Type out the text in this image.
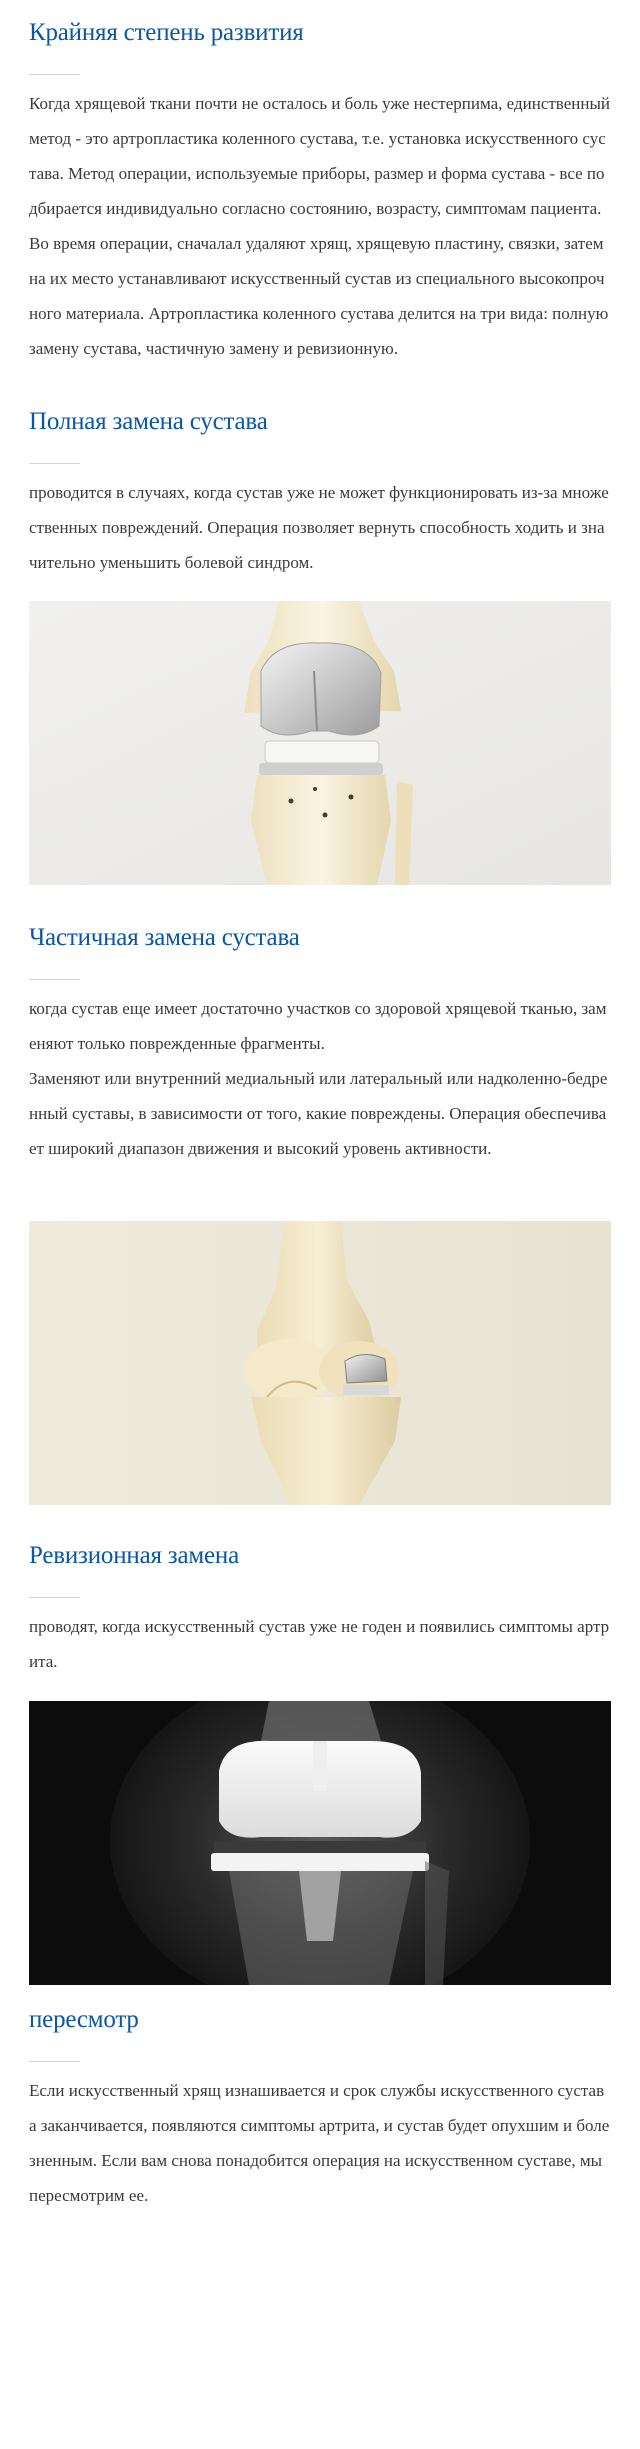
Крайняя степень развития

Когда хрящевой ткани почти не осталось и боль уже нестерпима, единственный метод - это артропластика коленного сустава, т.е. установка искусственного сустава. Метод операции, используемые приборы, размер и форма сустава - все подбирается индивидуально согласно состоянию, возрасту, симптомам пациента. Во время операции, сначалал удаляют хрящ, хрящевую пластину, связки, затем на их место устанавливают искусственный сустав из специального высокопрочного материала. Артропластика коленного сустава делится на три вида: полную замену сустава, частичную замену и ревизионную.

Полная замена сустава

проводится в случаях, когда сустав уже не может функционировать из-за множественных повреждений. Операция позволяет вернуть способность ходить и значительно уменьшить болевой синдром.

Частичная замена сустава

когда сустав еще имеет достаточно участков со здоровой хрящевой тканью, заменяют только поврежденные фрагменты.

Заменяют или внутренний медиальный или латеральный или надколенно-бедренный суставы, в зависимости от того, какие повреждены. Операция обеспечивает широкий диапазон движения и высокий уровень активности.

Ревизионная замена

проводят, когда искусственный сустав уже не годен и появились симптомы артрита.

пересмотр

Если искусственный хрящ изнашивается и срок службы искусственного сустава заканчивается, появляются симптомы артрита, и сустав будет опухшим и болезненным. Если вам снова понадобится операция на искусственном суставе, мы пересмотрим ее.
